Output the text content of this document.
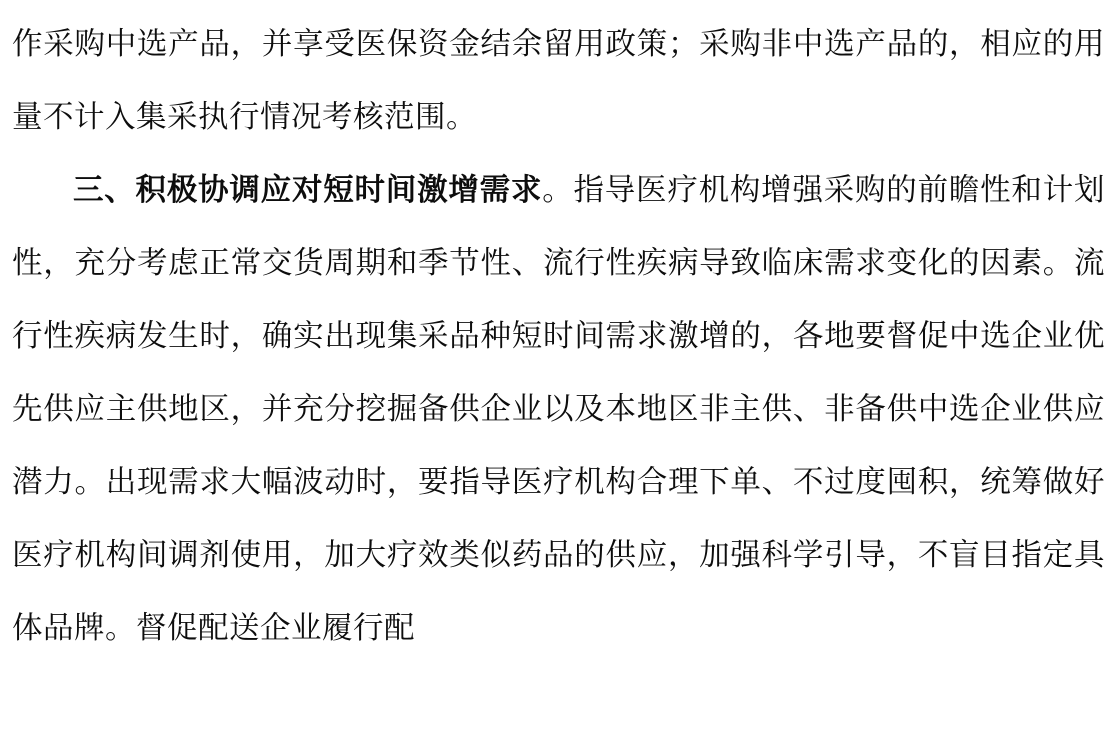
作采购中选产品，并享受医保资金结余留用政策；采购非中选产品的，相应的用量不计入集采执行情况考核范围。

三、积极协调应对短时间激增需求。指导医疗机构增强采购的前瞻性和计划性，充分考虑正常交货周期和季节性、流行性疾病导致临床需求变化的因素。流行性疾病发生时，确实出现集采品种短时间需求激增的，各地要督促中选企业优先供应主供地区，并充分挖掘备供企业以及本地区非主供、非备供中选企业供应潜力。出现需求大幅波动时，要指导医疗机构合理下单、不过度囤积，统筹做好医疗机构间调剂使用，加大疗效类似药品的供应，加强科学引导，不盲目指定具体品牌。督促配送企业履行配
